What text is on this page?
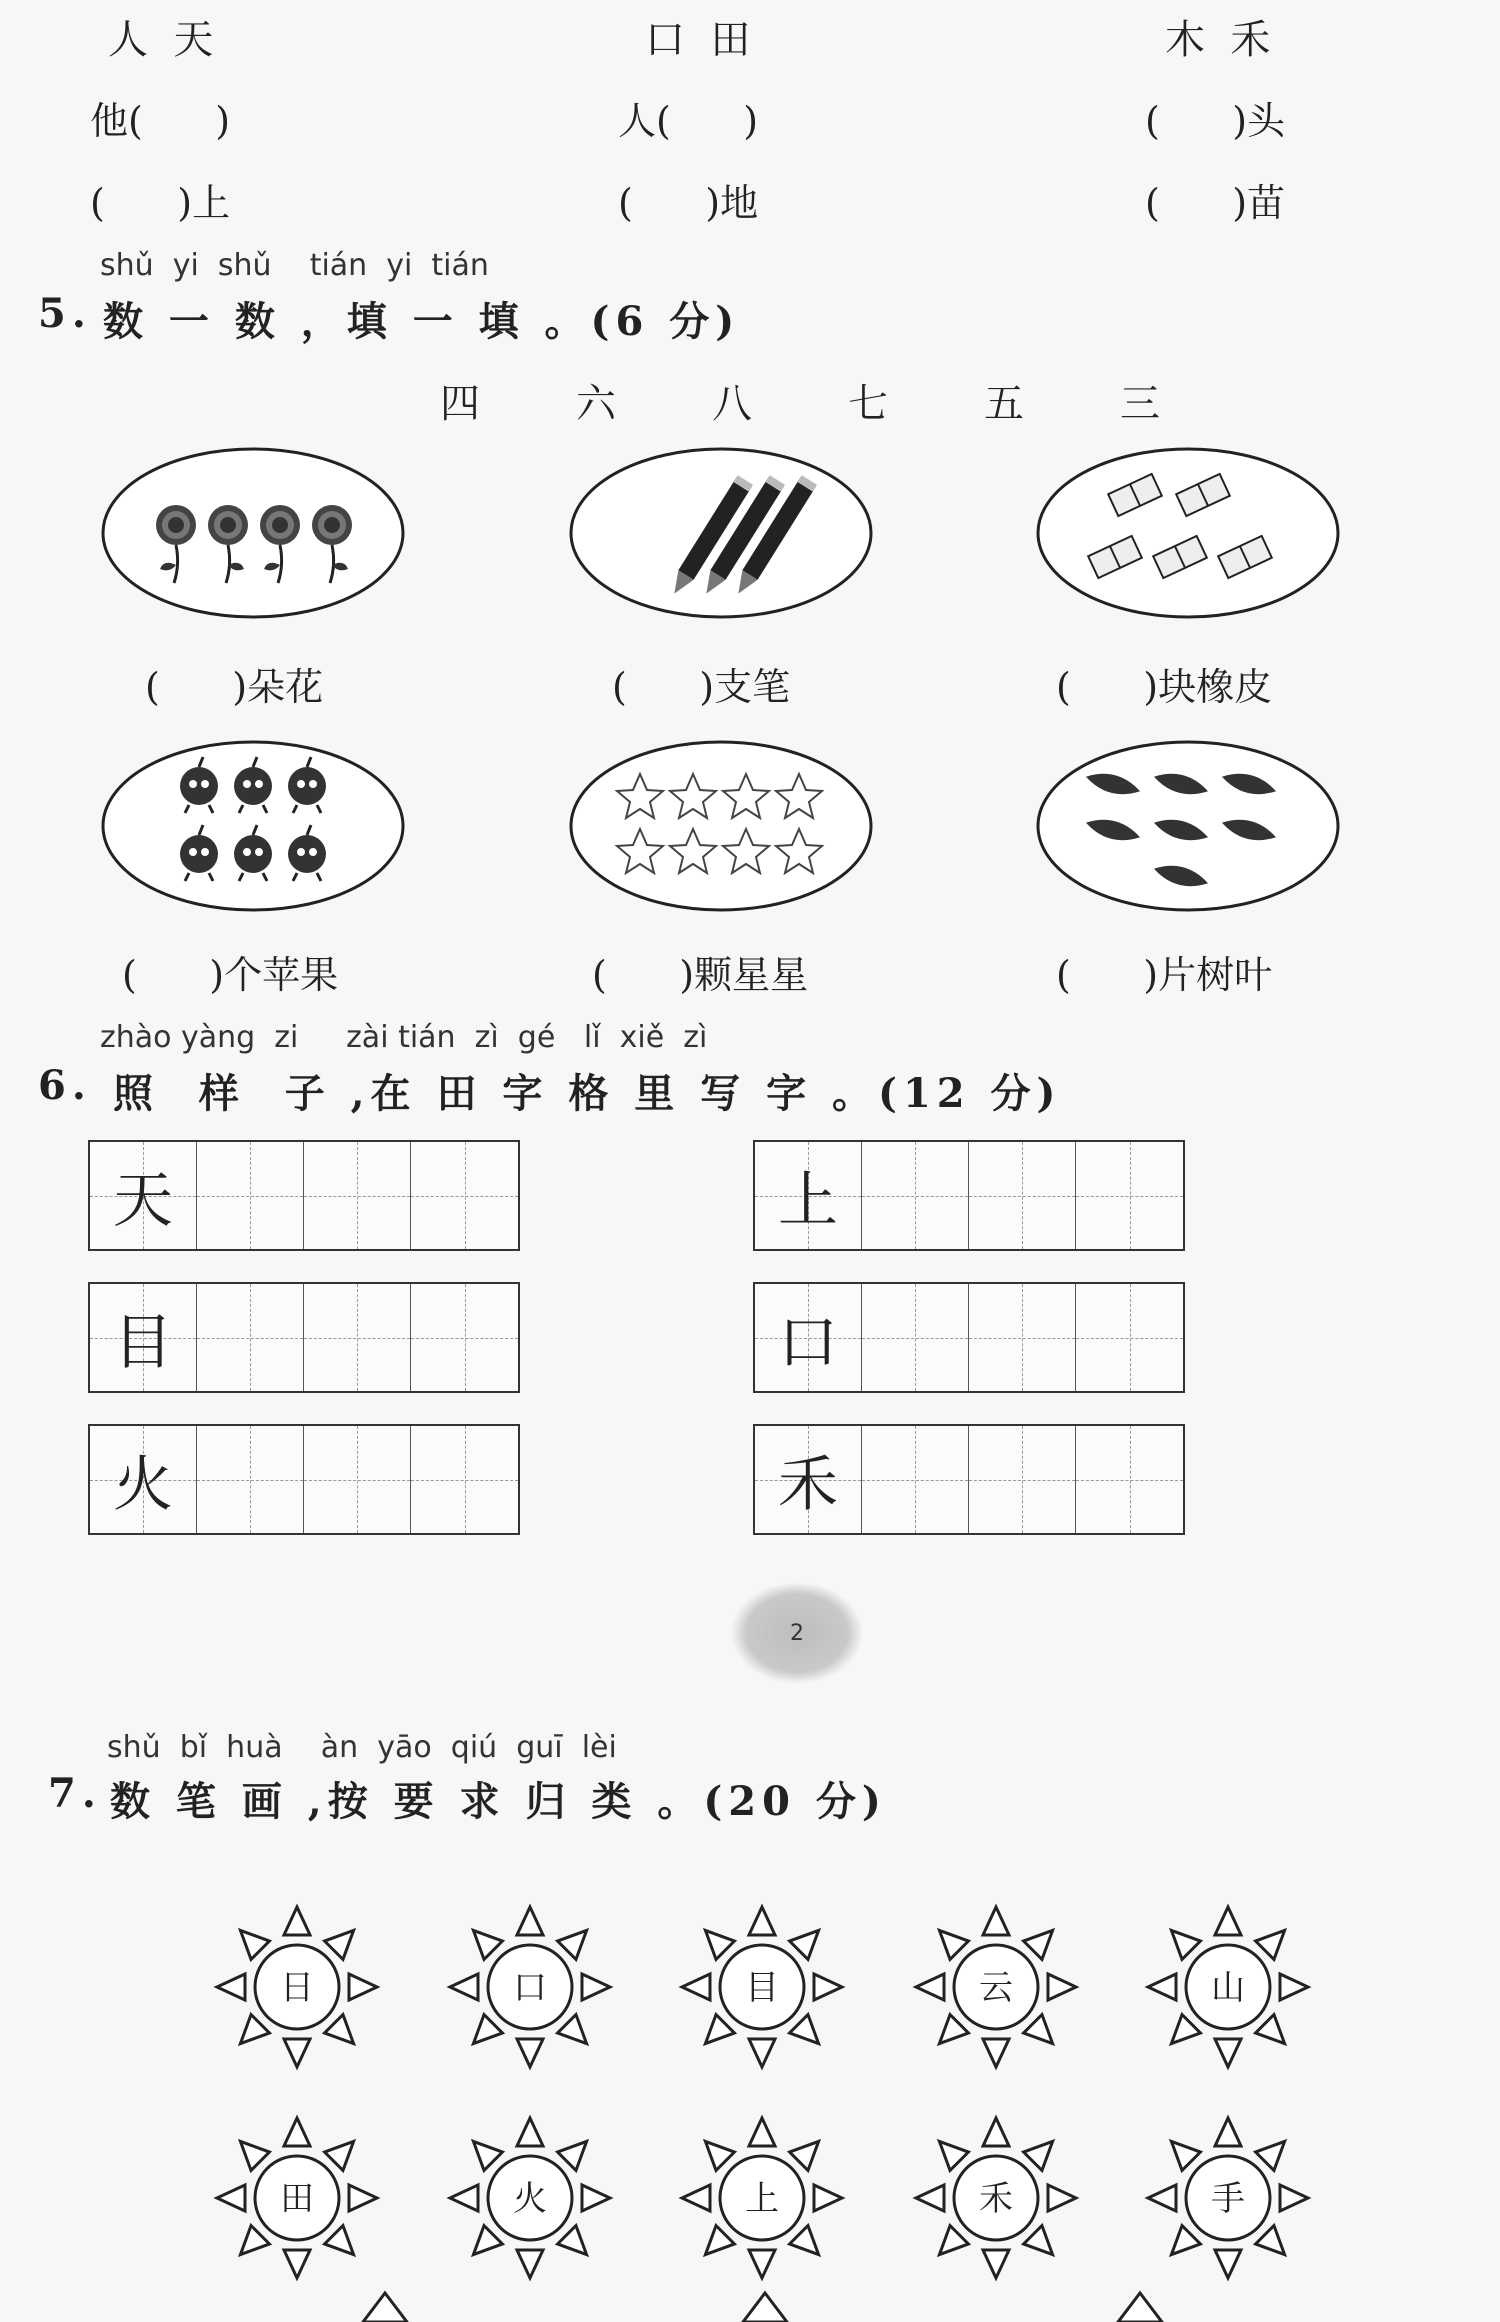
人  天	口  田	木  禾
他(      )	人(      )	(      )头
(      )上	(      )地	(      )苗
shǔ  yi  shǔ    tián  yi  tián
5. 数 一 数 ，填 一 填 。(6 分)
四 六 八 七 五 三
(      )朵花	(      )支笔	(      )块橡皮
(      )个苹果	(      )颗星星	(      )片树叶
zhào yàng  zi     zài tián  zì  gé   lǐ  xiě  zì
6. 照  样  子 ,在 田 字 格 里 写 字 。(12 分)
天	上
目	口
火	禾
2
shǔ  bǐ  huà    àn  yāo  qiú  guī  lèi
7. 数 笔 画 ,按 要 求 归 类 。(20 分)
日	口	目	云	山
田	火	上	禾	手
